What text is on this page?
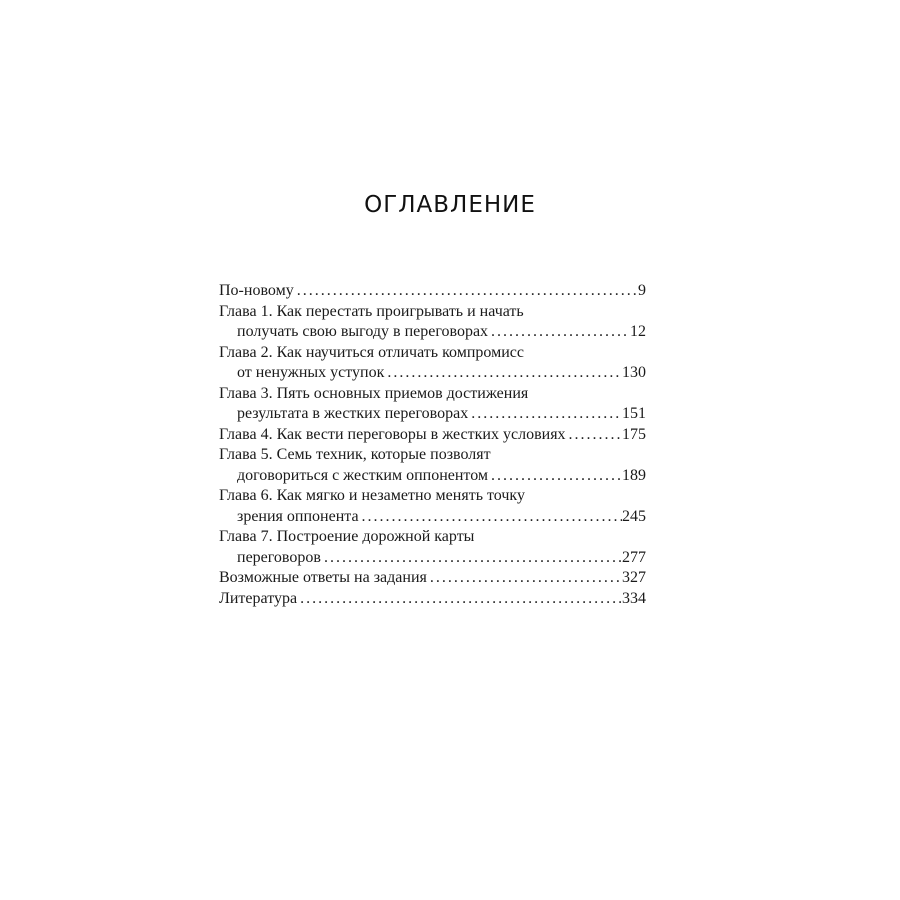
ОГЛАВЛЕНИЕ
По-новому . . .	9
Глава 1. Как перестать проигрывать и начать
получать свою выгоду в переговорах . . .	12
Глава 2. Как научиться отличать компромисс
от ненужных уступок . . .	130
Глава 3. Пять основных приемов достижения
результата в жестких переговорах . . .	151
Глава 4. Как вести переговоры в жестких условиях . . .	175
Глава 5. Семь техник, которые позволят
договориться с жестким оппонентом . . .	189
Глава 6. Как мягко и незаметно менять точку
зрения оппонента . . .	245
Глава 7. Построение дорожной карты
переговоров . . .	277
Возможные ответы на задания . . .	327
Литература . . .	334
